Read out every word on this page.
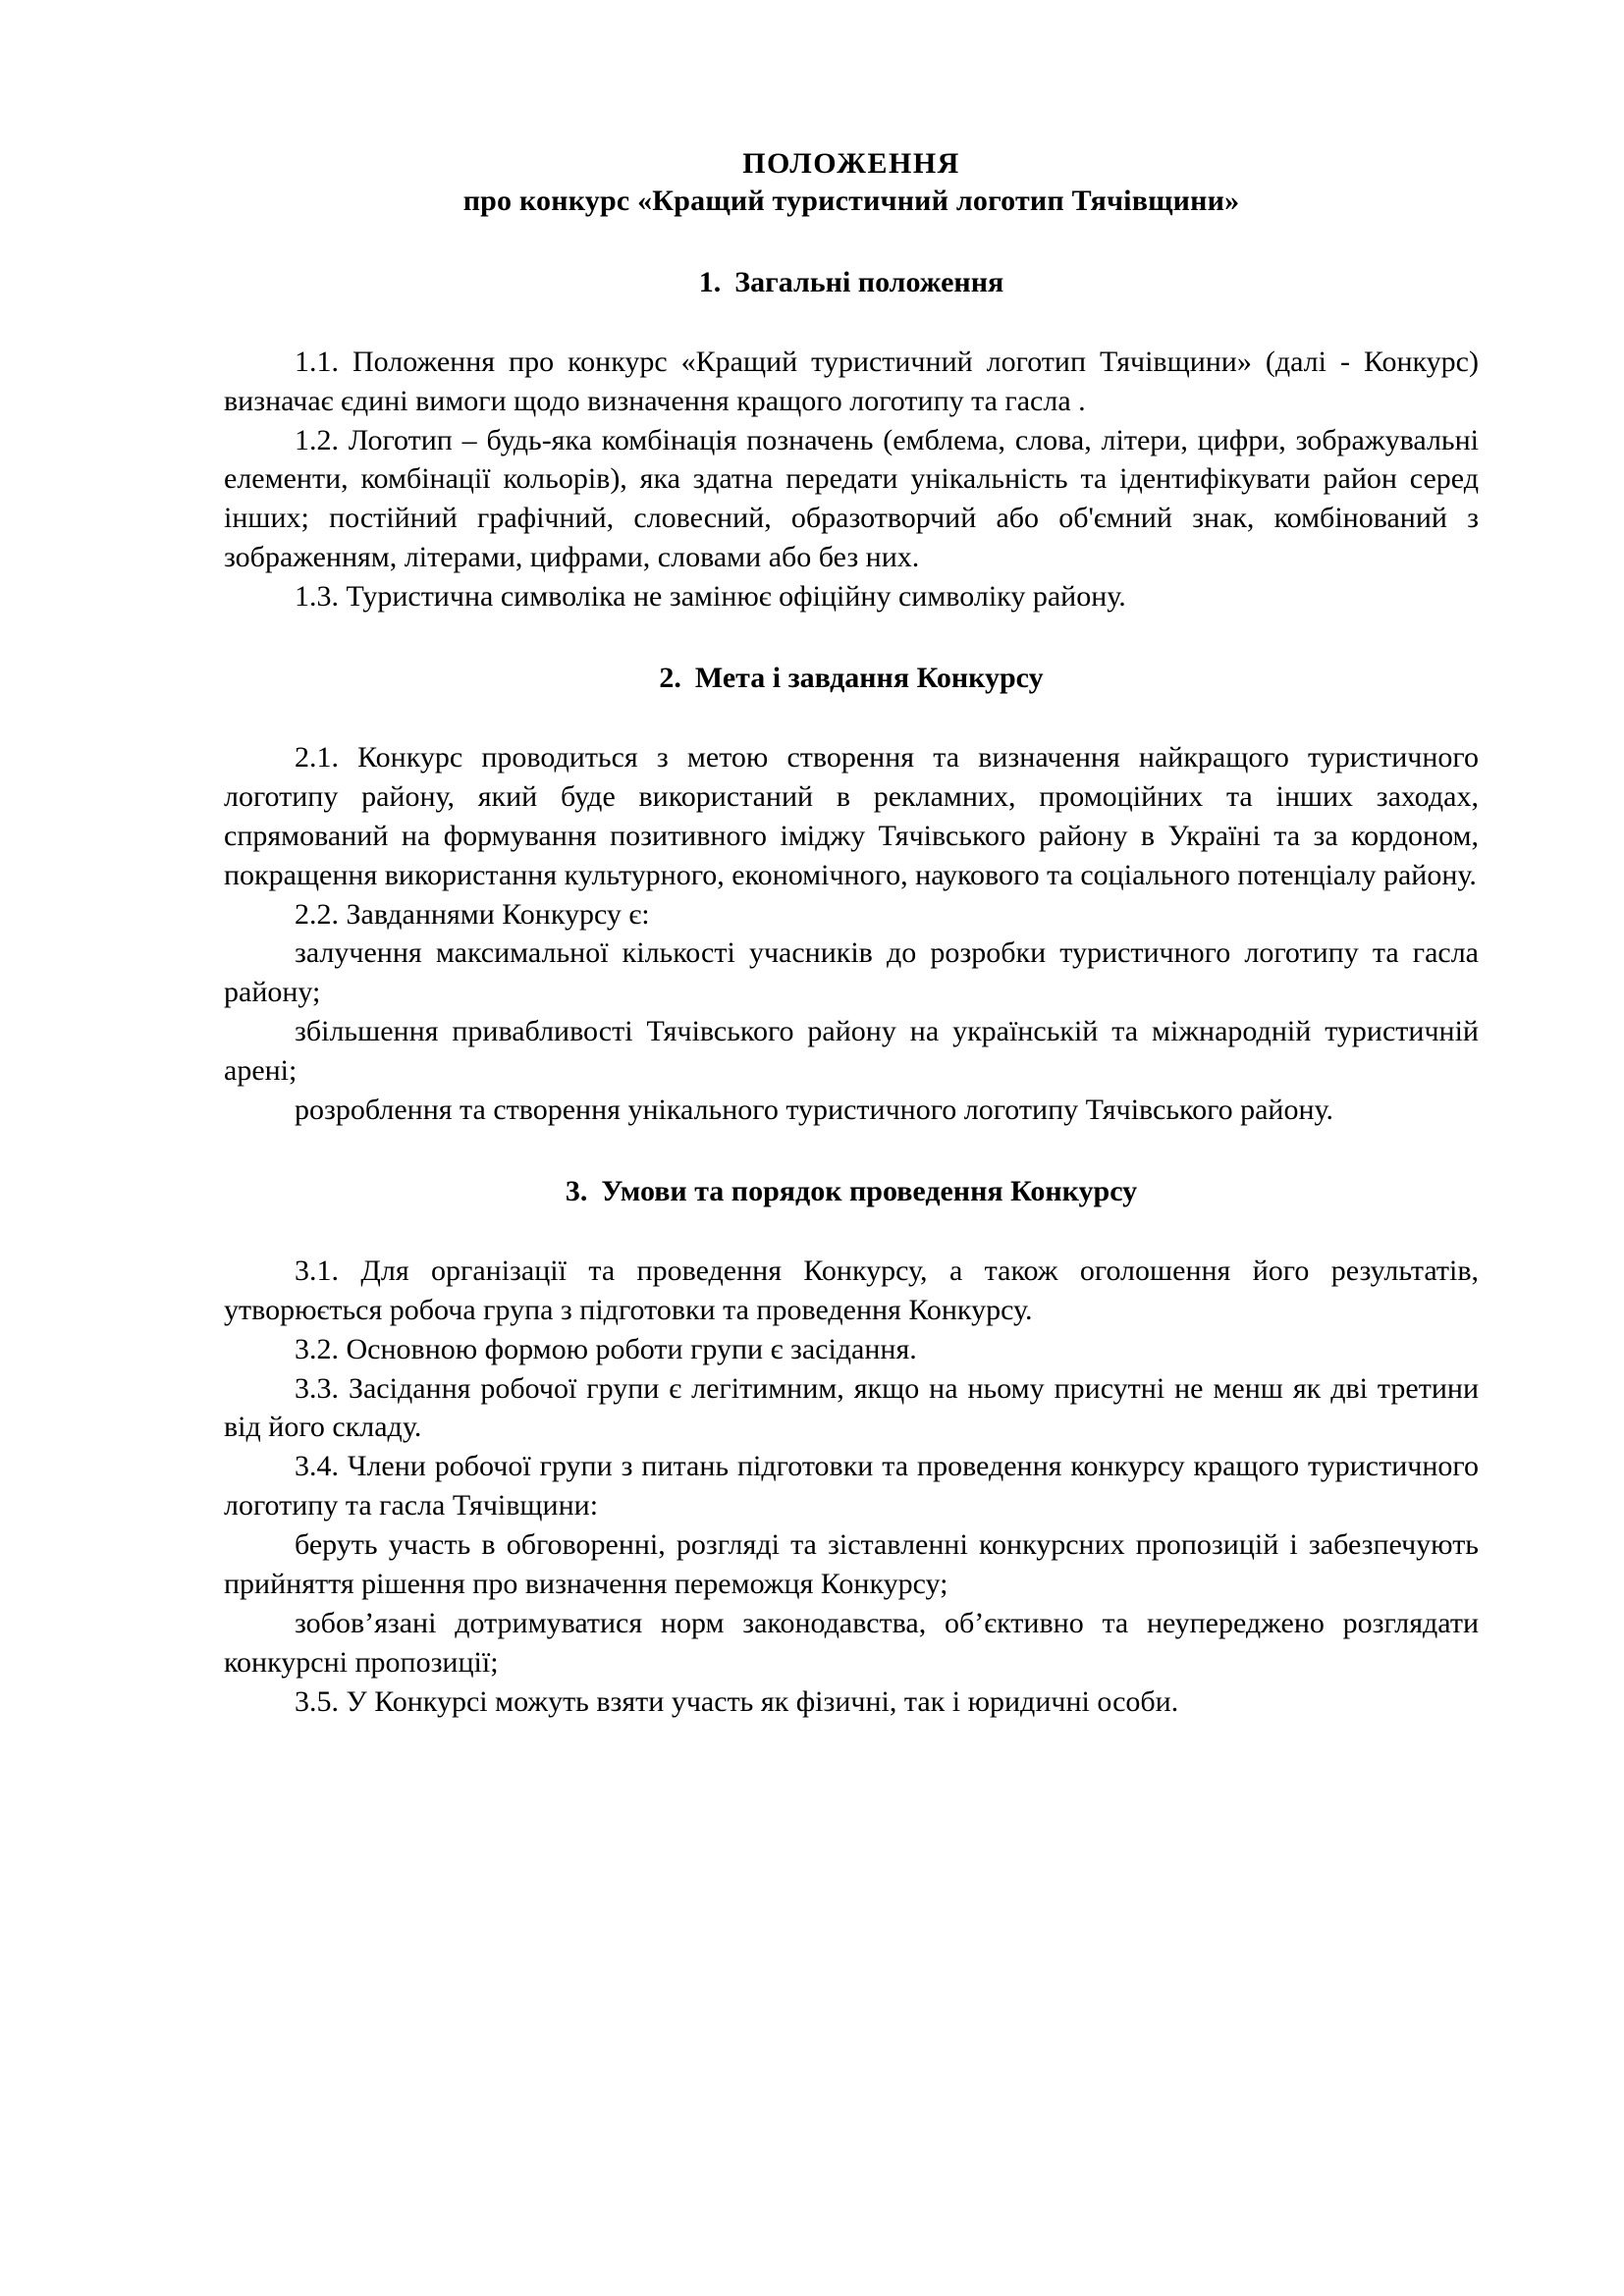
ПОЛОЖЕННЯ
про конкурс «Кращий туристичний логотип Тячівщини»
1. Загальні положення

1.1. Положення про конкурс «Кращий туристичний логотип Тячівщини» (далі - Конкурс) визначає єдині вимоги щодо визначення кращого логотипу та гасла .

1.2. Логотип – будь-яка комбінація позначень (емблема, слова, літери, цифри, зображувальні елементи, комбінації кольорів), яка здатна передати унікальність та ідентифікувати район серед інших; постійний графічний, словесний, образотворчий або об'ємний знак, комбінований з зображенням, літерами, цифрами, словами або без них.

1.3. Туристична символіка не замінює офіційну символіку району.

2. Мета і завдання Конкурсу

2.1. Конкурс проводиться з метою створення та визначення найкращого туристичного логотипу району, який буде використаний в рекламних, промоційних та інших заходах, спрямований на формування позитивного іміджу Тячівського району в Україні та за кордоном, покращення використання культурного, економічного, наукового та соціального потенціалу району.

2.2. Завданнями Конкурсу є:

залучення максимальної кількості учасників до розробки туристичного логотипу та гасла району;

збільшення привабливості Тячівського району на українській та міжнародній туристичній арені;

розроблення та створення унікального туристичного логотипу Тячівського району.

3. Умови та порядок проведення Конкурсу

3.1. Для організації та проведення Конкурсу, а також оголошення його результатів, утворюється робоча група з підготовки та проведення Конкурсу.

3.2. Основною формою роботи групи є засідання.

3.3. Засідання робочої групи є легітимним, якщо на ньому присутні не менш як дві третини від його складу.

3.4. Члени робочої групи з питань підготовки та проведення конкурсу кращого туристичного логотипу та гасла Тячівщини:

беруть участь в обговоренні, розгляді та зіставленні конкурсних пропозицій і забезпечують прийняття рішення про визначення переможця Конкурсу;

зобов’язані дотримуватися норм законодавства, об’єктивно та неупереджено розглядати конкурсні пропозиції;

3.5. У Конкурсі можуть взяти участь як фізичні, так і юридичні особи.
